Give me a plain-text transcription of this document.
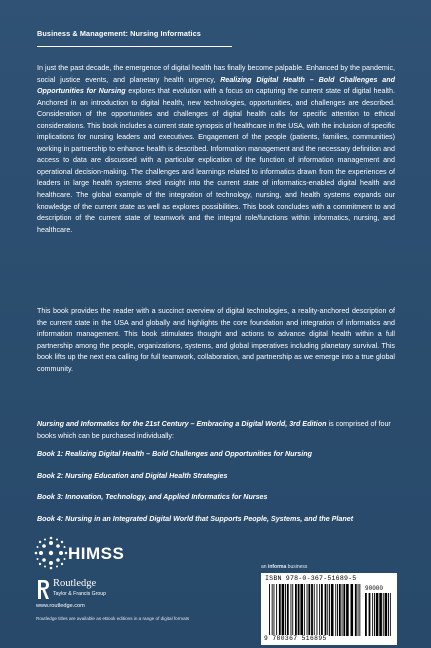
Business & Management: Nursing Informatics

In just the past decade, the emergence of digital health has finally become palpable. Enhanced by the pandemic, social justice events, and planetary health urgency, Realizing Digital Health – Bold Challenges and Opportunities for Nursing explores that evolution with a focus on capturing the current state of digital health. Anchored in an introduction to digital health, new technologies, opportunities, and challenges are described. Consideration of the opportunities and challenges of digital health calls for specific attention to ethical considerations. This book includes a current state synopsis of healthcare in the USA, with the inclusion of specific implications for nursing leaders and executives. Engagement of the people (patients, families, communities) working in partnership to enhance health is described. Information management and the necessary definition and access to data are discussed with a particular explication of the function of information management and operational decision-making. The challenges and learnings related to informatics drawn from the experiences of leaders in large health systems shed insight into the current state of informatics-enabled digital health and healthcare. The global example of the integration of technology, nursing, and health systems expands our knowledge of the current state as well as explores possibilities. This book concludes with a commitment to and description of the current state of teamwork and the integral role/functions within informatics, nursing, and healthcare.

This book provides the reader with a succinct overview of digital technologies, a reality-anchored description of the current state in the USA and globally and highlights the core foundation and integration of informatics and information management. This book stimulates thought and actions to advance digital health within a full partnership among the people, organizations, systems, and global imperatives including planetary survival. This book lifts up the next era calling for full teamwork, collaboration, and partnership as we emerge into a true global community.

Nursing and Informatics for the 21st Century – Embracing a Digital World, 3rd Edition is comprised of four books which can be purchased individually:

Book 1: Realizing Digital Health – Bold Challenges and Opportunities for Nursing
Book 2: Nursing Education and Digital Health Strategies
Book 3: Innovation, Technology, and Applied Informatics for Nurses
Book 4: Nursing in an Integrated Digital World that Supports People, Systems, and the Planet
HIMSS
Routledge
Taylor & Francis Group
www.routledge.com
Routledge titles are available as eBook editions in a range of digital formats
an informa business
ISBN 978-0-367-51689-5
90000
9 780367 516895
